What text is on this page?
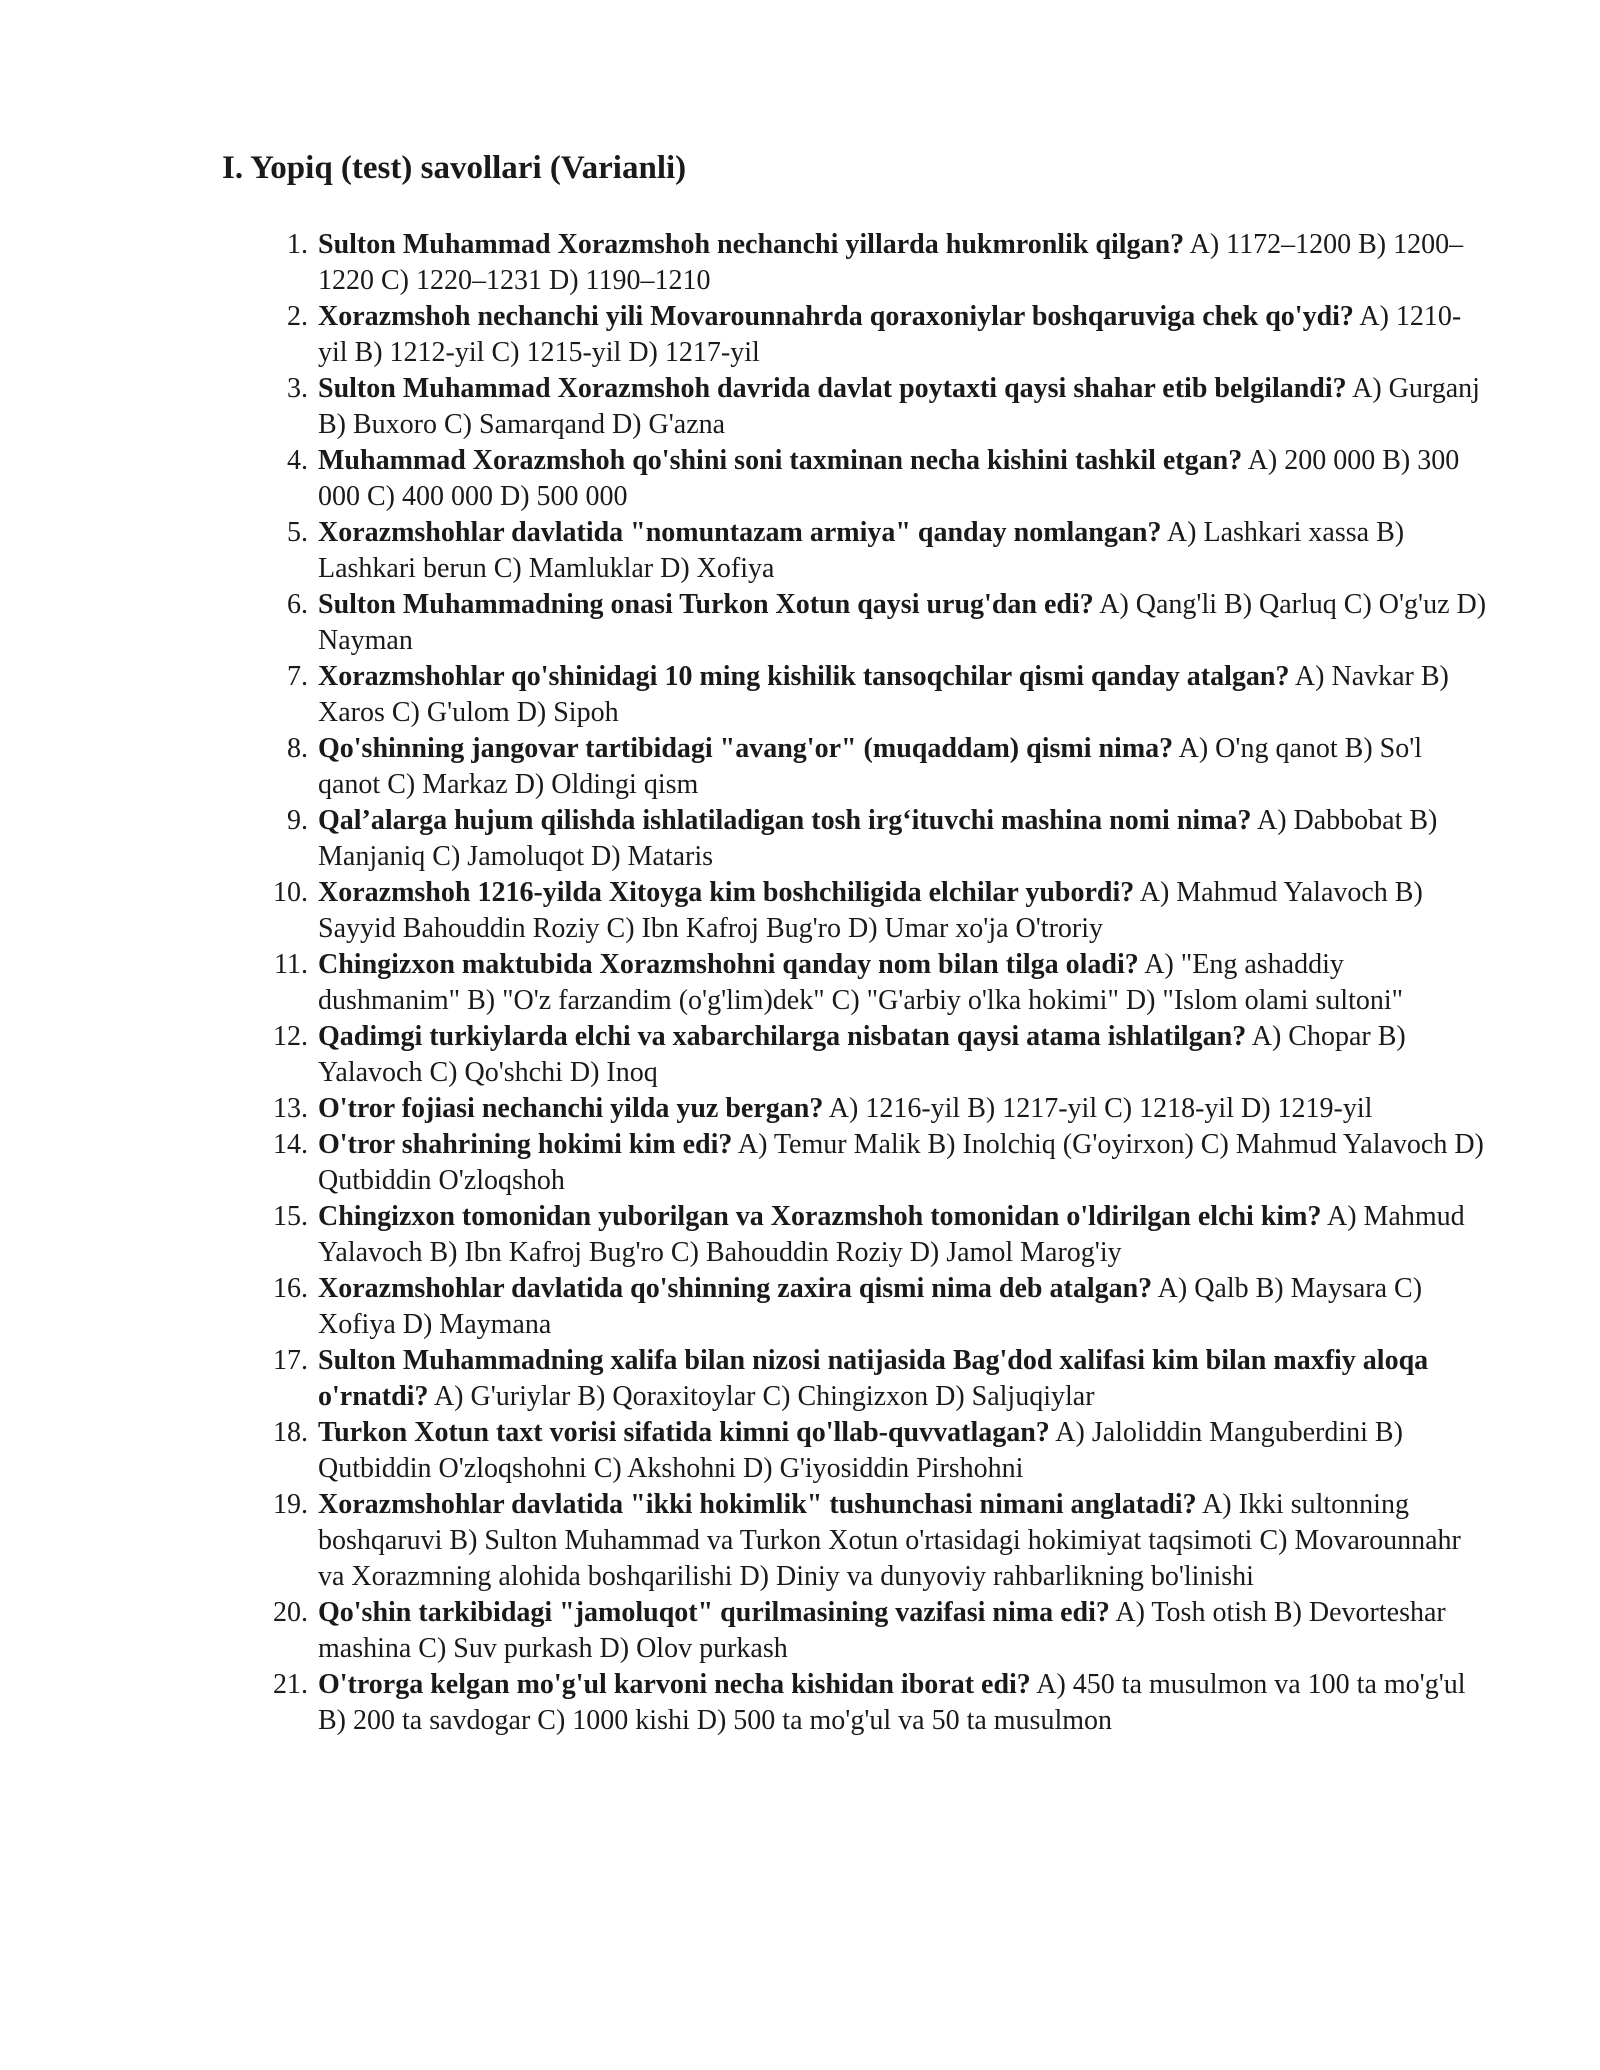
I. Yopiq (test) savollari (Varianli)
1. Sulton Muhammad Xorazmshoh nechanchi yillarda hukmronlik qilgan? A) 1172–1200 B) 1200–1220 C) 1220–1231 D) 1190–1210
2. Xorazmshoh nechanchi yili Movarounnahrda qoraxoniylar boshqaruviga chek qo'ydi? A) 1210-yil B) 1212-yil C) 1215-yil D) 1217-yil
3. Sulton Muhammad Xorazmshoh davrida davlat poytaxti qaysi shahar etib belgilandi? A) Gurganj B) Buxoro C) Samarqand D) G'azna
4. Muhammad Xorazmshoh qo'shini soni taxminan necha kishini tashkil etgan? A) 200 000 B) 300 000 C) 400 000 D) 500 000
5. Xorazmshohlar davlatida "nomuntazam armiya" qanday nomlangan? A) Lashkari xassa B) Lashkari berun C) Mamluklar D) Xofiya
6. Sulton Muhammadning onasi Turkon Xotun qaysi urug'dan edi? A) Qang'li B) Qarluq C) O'g'uz D) Nayman
7. Xorazmshohlar qo'shinidagi 10 ming kishilik tansoqchilar qismi qanday atalgan? A) Navkar B) Xaros C) G'ulom D) Sipoh
8. Qo'shinning jangovar tartibidagi "avang'or" (muqaddam) qismi nima? A) O'ng qanot B) So'l qanot C) Markaz D) Oldingi qism
9. Qal’alarga hujum qilishda ishlatiladigan tosh irg‘ituvchi mashina nomi nima? A) Dabbobat B) Manjaniq C) Jamoluqot D) Mataris
10. Xorazmshoh 1216-yilda Xitoyga kim boshchiligida elchilar yubordi? A) Mahmud Yalavoch B) Sayyid Bahouddin Roziy C) Ibn Kafroj Bug'ro D) Umar xo'ja O'troriy
11. Chingizxon maktubida Xorazmshohni qanday nom bilan tilga oladi? A) "Eng ashaddiy dushmanim" B) "O'z farzandim (o'g'lim)dek" C) "G'arbiy o'lka hokimi" D) "Islom olami sultoni"
12. Qadimgi turkiylarda elchi va xabarchilarga nisbatan qaysi atama ishlatilgan? A) Chopar B) Yalavoch C) Qo'shchi D) Inoq
13. O'tror fojiasi nechanchi yilda yuz bergan? A) 1216-yil B) 1217-yil C) 1218-yil D) 1219-yil
14. O'tror shahrining hokimi kim edi? A) Temur Malik B) Inolchiq (G'oyirxon) C) Mahmud Yalavoch D) Qutbiddin O'zloqshoh
15. Chingizxon tomonidan yuborilgan va Xorazmshoh tomonidan o'ldirilgan elchi kim? A) Mahmud Yalavoch B) Ibn Kafroj Bug'ro C) Bahouddin Roziy D) Jamol Marog'iy
16. Xorazmshohlar davlatida qo'shinning zaxira qismi nima deb atalgan? A) Qalb B) Maysara C) Xofiya D) Maymana
17. Sulton Muhammadning xalifa bilan nizosi natijasida Bag'dod xalifasi kim bilan maxfiy aloqa o'rnatdi? A) G'uriylar B) Qoraxitoylar C) Chingizxon D) Saljuqiylar
18. Turkon Xotun taxt vorisi sifatida kimni qo'llab-quvvatlagan? A) Jaloliddin Manguberdini B) Qutbiddin O'zloqshohni C) Akshohni D) G'iyosiddin Pirshohni
19. Xorazmshohlar davlatida "ikki hokimlik" tushunchasi nimani anglatadi? A) Ikki sultonning boshqaruvi B) Sulton Muhammad va Turkon Xotun o'rtasidagi hokimiyat taqsimoti C) Movarounnahr va Xorazmning alohida boshqarilishi D) Diniy va dunyoviy rahbarlikning bo'linishi
20. Qo'shin tarkibidagi "jamoluqot" qurilmasining vazifasi nima edi? A) Tosh otish B) Devorteshar mashina C) Suv purkash D) Olov purkash
21. O'trorga kelgan mo'g'ul karvoni necha kishidan iborat edi? A) 450 ta musulmon va 100 ta mo'g'ul B) 200 ta savdogar C) 1000 kishi D) 500 ta mo'g'ul va 50 ta musulmon
